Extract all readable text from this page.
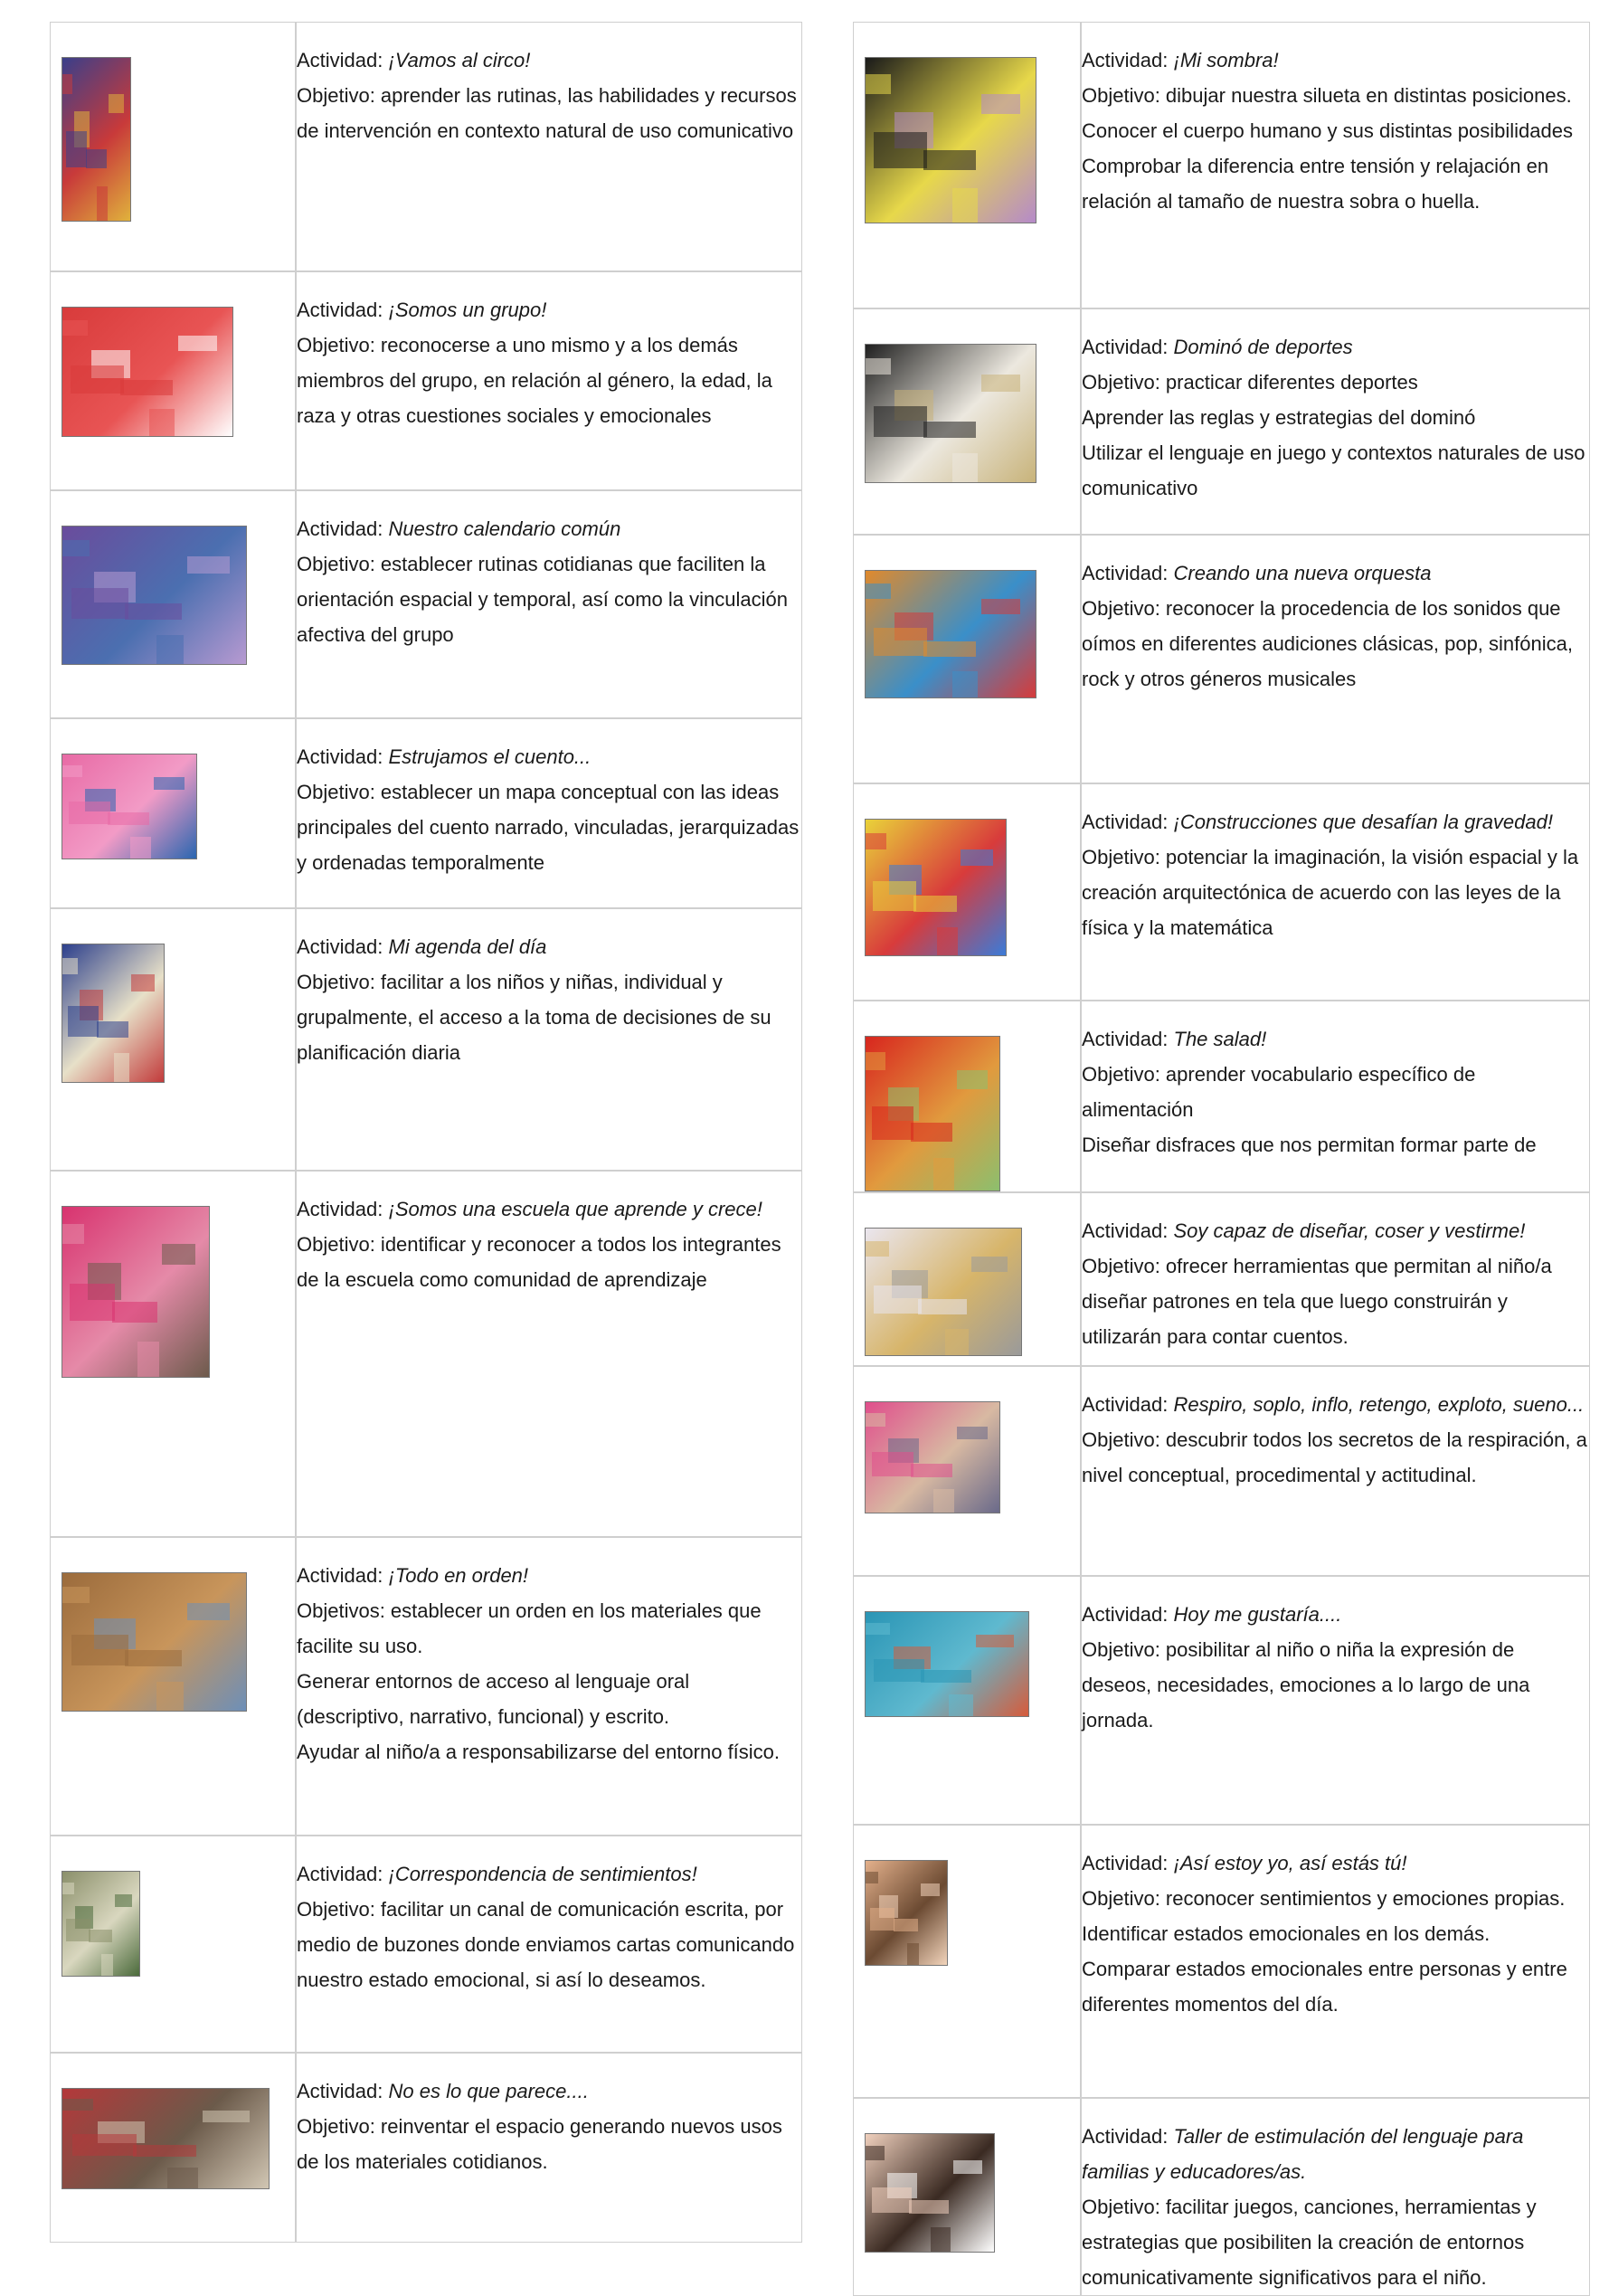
	Actividad: ¡Vamos al circo!

Objetivo: aprender las rutinas, las habilidades y recursos de intervención en contexto natural de uso comunicativo

	Actividad: ¡Somos un grupo!

Objetivo: reconocerse a uno mismo y a los demás miembros del grupo, en relación al género, la edad, la raza y otras cuestiones sociales y emocionales

	Actividad: Nuestro calendario común

Objetivo: establecer rutinas cotidianas que faciliten la orientación espacial y temporal, así como la vinculación afectiva del grupo

	Actividad: Estrujamos el cuento...

Objetivo: establecer un mapa conceptual con las ideas principales del cuento narrado, vinculadas, jerarquizadas y ordenadas temporalmente

	Actividad: Mi agenda del día

Objetivo: facilitar a los niños y niñas, individual y grupalmente, el acceso a la toma de decisiones de su planificación diaria

	Actividad: ¡Somos una escuela que aprende y crece!

Objetivo: identificar y reconocer a todos los integrantes de la escuela como comunidad de aprendizaje

	Actividad: ¡Todo en orden!

Objetivos: establecer un orden en los materiales que facilite su uso.

Generar entornos de acceso al lenguaje oral (descriptivo, narrativo, funcional) y escrito.

Ayudar al niño/a a responsabilizarse del entorno físico.

	Actividad: ¡Correspondencia de sentimientos!

Objetivo: facilitar un canal de comunicación escrita, por medio de buzones donde enviamos cartas comunicando nuestro estado emocional, si así lo deseamos.

	Actividad: No es lo que parece....

Objetivo: reinventar el espacio generando nuevos usos de los materiales cotidianos.

	Actividad: ¡Mi sombra!

Objetivo: dibujar nuestra silueta en distintas posiciones.

Conocer el cuerpo humano y sus distintas posibilidades

Comprobar la diferencia entre tensión y relajación en relación al tamaño de nuestra sobra o huella.

	Actividad: Dominó de deportes

Objetivo: practicar diferentes deportes

Aprender las reglas y estrategias del dominó

Utilizar el lenguaje en juego y contextos naturales de uso comunicativo

	Actividad: Creando una nueva orquesta

Objetivo: reconocer la procedencia de los sonidos que oímos en diferentes audiciones clásicas, pop, sinfónica, rock y otros géneros musicales

	Actividad: ¡Construcciones que desafían la gravedad!

Objetivo: potenciar la imaginación, la visión espacial y la creación arquitectónica de acuerdo con las leyes de la física y la matemática

	Actividad: The salad!

Objetivo: aprender vocabulario específico de alimentación

Diseñar disfraces que nos permitan formar parte de

	Actividad: Soy capaz de diseñar, coser y vestirme!

Objetivo: ofrecer herramientas que permitan al niño/a diseñar patrones en tela que luego construirán y utilizarán para contar cuentos.

	Actividad: Respiro, soplo, inflo, retengo, exploto, sueno...

Objetivo: descubrir todos los secretos de la respiración, a nivel conceptual, procedimental y actitudinal.

	Actividad: Hoy me gustaría....

Objetivo: posibilitar al niño o niña la expresión de deseos, necesidades, emociones a lo largo de una jornada.

	Actividad: ¡Así estoy yo, así estás tú!

Objetivo: reconocer sentimientos y emociones propias.

Identificar estados emocionales en los demás.

Comparar estados emocionales entre personas y entre diferentes momentos del día.

	Actividad: Taller de estimulación del lenguaje para familias y educadores/as.

Objetivo: facilitar juegos, canciones, herramientas y estrategias que posibiliten la creación de entornos comunicativamente significativos para el niño.
